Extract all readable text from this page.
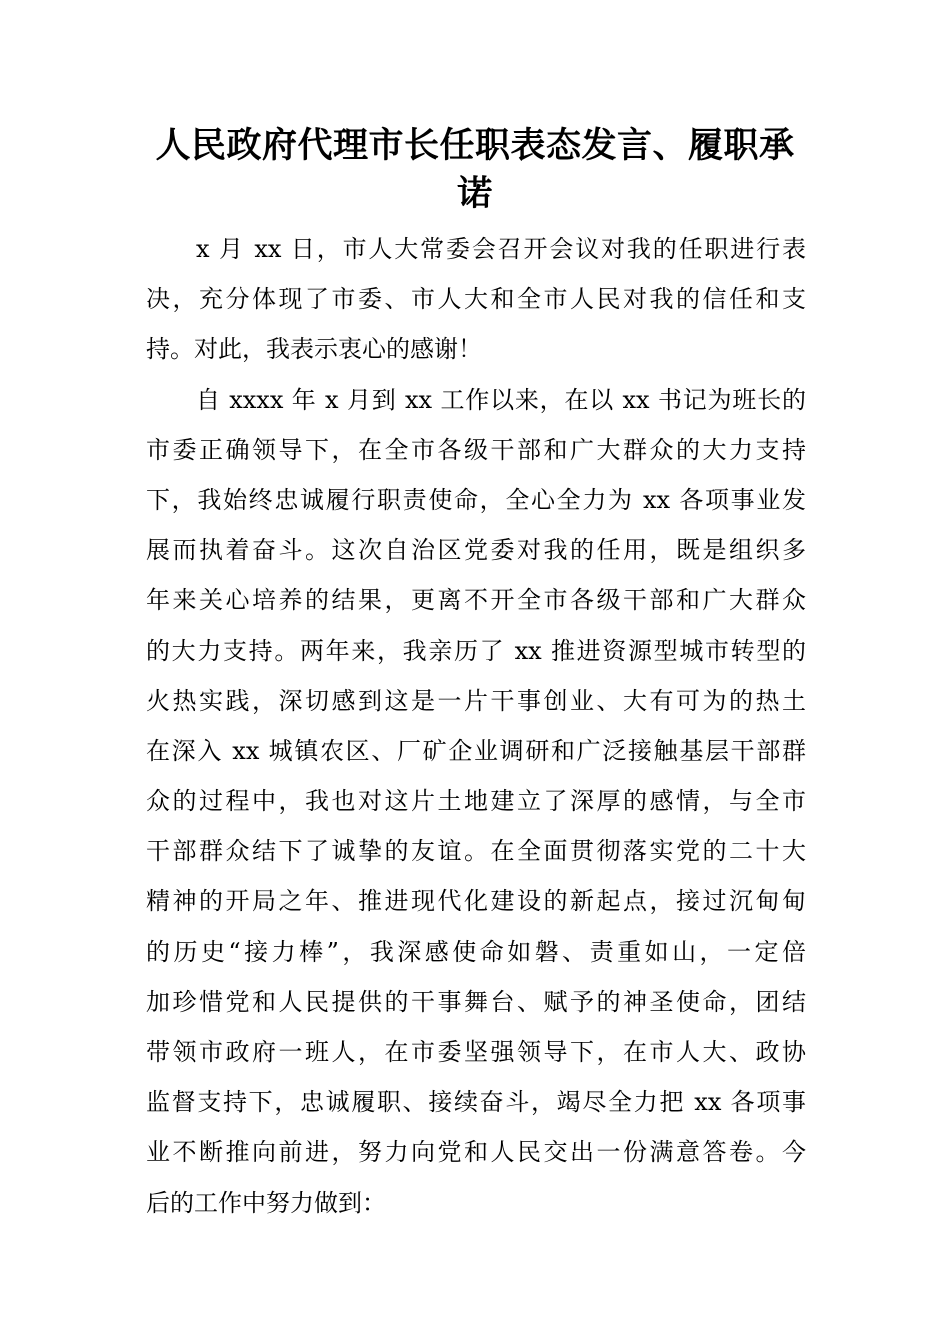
人民政府代理市长任职表态发言、履职承
诺

x 月 xx 日，市人大常委会召开会议对我的任职进行表
决，充分体现了市委、市人大和全市人民对我的信任和支
持。对此，我表示衷心的感谢！

自 xxxx 年 x 月到 xx 工作以来，在以 xx 书记为班长的
市委正确领导下，在全市各级干部和广大群众的大力支持
下，我始终忠诚履行职责使命，全心全力为 xx 各项事业发
展而执着奋斗。这次自治区党委对我的任用，既是组织多
年来关心培养的结果，更离不开全市各级干部和广大群众
的大力支持。两年来，我亲历了 xx 推进资源型城市转型的
火热实践，深切感到这是一片干事创业、大有可为的热土
在深入 xx 城镇农区、厂矿企业调研和广泛接触基层干部群
众的过程中，我也对这片土地建立了深厚的感情，与全市
干部群众结下了诚挚的友谊。在全面贯彻落实党的二十大
精神的开局之年、推进现代化建设的新起点，接过沉甸甸
的历史“接力棒”，我深感使命如磐、责重如山，一定倍
加珍惜党和人民提供的干事舞台、赋予的神圣使命，团结
带领市政府一班人，在市委坚强领导下，在市人大、政协
监督支持下，忠诚履职、接续奋斗，竭尽全力把 xx 各项事
业不断推向前进，努力向党和人民交出一份满意答卷。今
后的工作中努力做到：
